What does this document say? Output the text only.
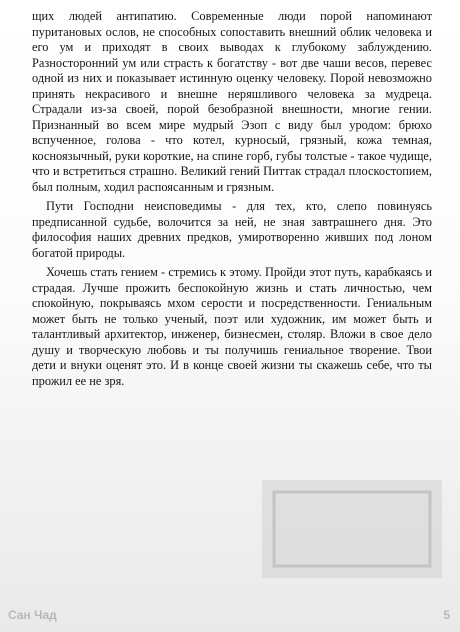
щих людей антипатию. Современные люди порой напоминают пуритановых ослов, не способных сопоставить внешний облик человека и его ум и приходят в своих выводах к глубокому заблуждению. Разносторонний ум или страсть к богатству - вот две чаши весов, перевес одной из них и показывает истинную оценку человеку. Порой невозможно принять некрасивого и внешне неряшливого человека за мудреца. Страдали из-за своей, порой безобразной внешности, многие гении. Признанный во всем мире мудрый Эзоп с виду был уродом: брюхо вспученное, голова - что котел, курносый, грязный, кожа темная, косноязычный, руки короткие, на спине горб, губы толстые - такое чудище, что и встретиться страшно. Великий гений Питтак страдал плоскостопием, был полным, ходил распоясанным и грязным.

Пути Господни неисповедимы - для тех, кто, слепо повинуясь предписанной судьбе, волочится за ней, не зная завтрашнего дня. Это философия наших древних предков, умиротворенно живших под лоном богатой природы.

Хочешь стать гением - стремись к этому. Пройди этот путь, карабкаясь и страдая. Лучше прожить беспокойную жизнь и стать личностью, чем спокойную, покрываясь мхом серости и посредственности. Гениальным может быть не только ученый, поэт или художник, им может быть и талантливый архитектор, инженер, бизнесмен, столяр. Вложи в свое дело душу и творческую любовь и ты получишь гениальное творение. Твои дети и внуки оценят это. И в конце своей жизни ты скажешь себе, что ты прожил ее не зря.

Сан Чад	5
